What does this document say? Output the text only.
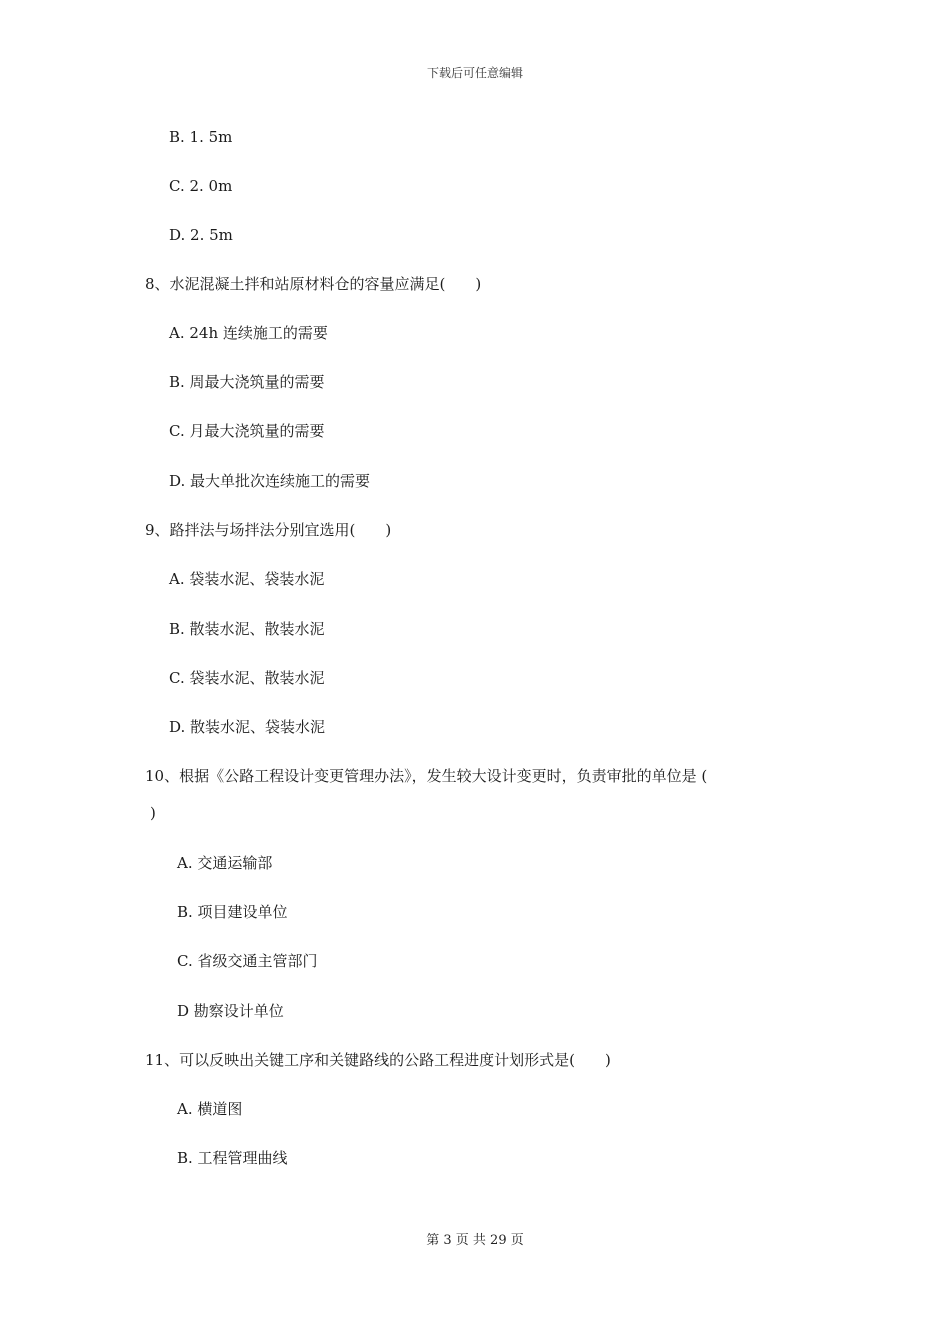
下载后可任意编辑
B. 1. 5m
C. 2. 0m
D. 2. 5m
8、水泥混凝土拌和站原材料仓的容量应满足(　　)
A. 24h 连续施工的需要
B. 周最大浇筑量的需要
C. 月最大浇筑量的需要
D. 最大单批次连续施工的需要
9、路拌法与场拌法分别宜选用(　　)
A. 袋装水泥、袋装水泥
B. 散装水泥、散装水泥
C. 袋装水泥、散装水泥
D. 散装水泥、袋装水泥
10、根据《公路工程设计变更管理办法》，发生较大设计变更时，负责审批的单位是 (
)
A. 交通运输部
B. 项目建设单位
C. 省级交通主管部门
D 勘察设计单位
11、可以反映出关键工序和关键路线的公路工程进度计划形式是(　　)
A. 横道图
B. 工程管理曲线
第 3 页 共 29 页
